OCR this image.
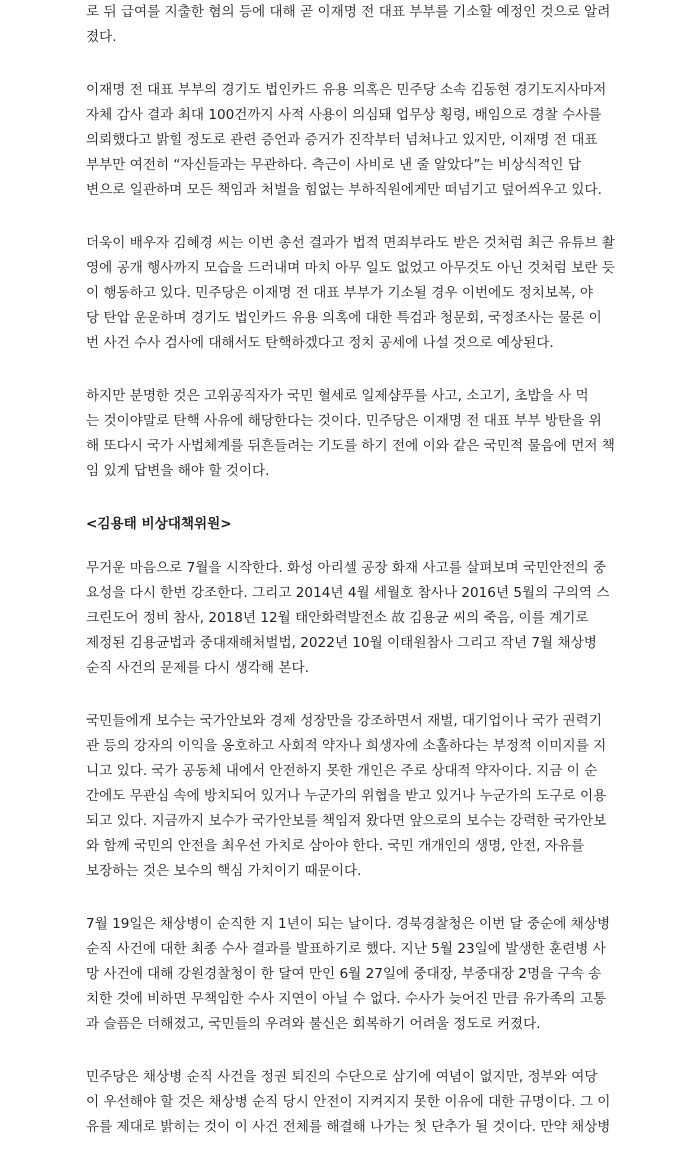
로 뒤 급여를 지출한 혐의 등에 대해 곧 이재명 전 대표 부부를 기소할 예정인 것으로 알려
졌다.
이재명 전 대표 부부의 경기도 법인카드 유용 의혹은 민주당 소속 김동현 경기도지사마저
자체 감사 결과 최대 100건까지 사적 사용이 의심돼 업무상 횡령, 배임으로 경찰 수사를
의뢰했다고 밝힐 정도로 관련 증언과 증거가 진작부터 넘쳐나고 있지만, 이재명 전 대표
부부만 여전히 “자신들과는 무관하다. 측근이 사비로 낸 줄 알았다”는 비상식적인 답
변으로 일관하며 모든 책임과 처벌을 힘없는 부하직원에게만 떠넘기고 덮어씌우고 있다.
더욱이 배우자 김혜경 씨는 이번 총선 결과가 법적 면죄부라도 받은 것처럼 최근 유튜브 촬
영에 공개 행사까지 모습을 드러내며 마치 아무 일도 없었고 아무것도 아닌 것처럼 보란 듯
이 행동하고 있다. 민주당은 이재명 전 대표 부부가 기소될 경우 이번에도 정치보복, 야
당 탄압 운운하며 경기도 법인카드 유용 의혹에 대한 특검과 청문회, 국정조사는 물론 이
번 사건 수사 검사에 대해서도 탄핵하겠다고 정치 공세에 나설 것으로 예상된다.
하지만 분명한 것은 고위공직자가 국민 혈세로 일제샴푸를 사고, 소고기, 초밥을 사 먹
는 것이야말로 탄핵 사유에 해당한다는 것이다. 민주당은 이재명 전 대표 부부 방탄을 위
해 또다시 국가 사법체계를 뒤흔들려는 기도를 하기 전에 이와 같은 국민적 물음에 먼저 책
임 있게 답변을 해야 할 것이다.
<김용태 비상대책위원>
무거운 마음으로 7월을 시작한다. 화성 아리셀 공장 화재 사고를 살펴보며 국민안전의 중
요성을 다시 한번 강조한다. 그리고 2014년 4월 세월호 참사나 2016년 5월의 구의역 스
크린도어 정비 참사, 2018년 12월 태안화력발전소 故 김용균 씨의 죽음, 이를 계기로
제정된 김용균법과 중대재해처벌법, 2022년 10월 이태원참사 그리고 작년 7월 채상병
순직 사건의 문제를 다시 생각해 본다.
국민들에게 보수는 국가안보와 경제 성장만을 강조하면서 재벌, 대기업이나 국가 권력기
관 등의 강자의 이익을 옹호하고 사회적 약자나 희생자에 소홀하다는 부정적 이미지를 지
니고 있다. 국가 공동체 내에서 안전하지 못한 개인은 주로 상대적 약자이다. 지금 이 순
간에도 무관심 속에 방치되어 있거나 누군가의 위협을 받고 있거나 누군가의 도구로 이용
되고 있다. 지금까지 보수가 국가안보를 책임져 왔다면 앞으로의 보수는 강력한 국가안보
와 함께 국민의 안전을 최우선 가치로 삼아야 한다. 국민 개개인의 생명, 안전, 자유를
보장하는 것은 보수의 핵심 가치이기 때문이다.
7월 19일은 채상병이 순직한 지 1년이 되는 날이다. 경북경찰청은 이번 달 중순에 채상병
순직 사건에 대한 최종 수사 결과를 발표하기로 했다. 지난 5월 23일에 발생한 훈련병 사
망 사건에 대해 강원경찰청이 한 달여 만인 6월 27일에 중대장, 부중대장 2명을 구속 송
치한 것에 비하면 무책임한 수사 지연이 아닐 수 없다. 수사가 늦어진 만큼 유가족의 고통
과 슬픔은 더해졌고, 국민들의 우려와 불신은 회복하기 어려울 정도로 커졌다.
민주당은 채상병 순직 사건을 정권 퇴진의 수단으로 삼기에 여념이 없지만, 정부와 여당
이 우선해야 할 것은 채상병 순직 당시 안전이 지켜지지 못한 이유에 대한 규명이다. 그 이
유를 제대로 밝히는 것이 이 사건 전체를 해결해 나가는 첫 단추가 될 것이다. 만약 채상병
